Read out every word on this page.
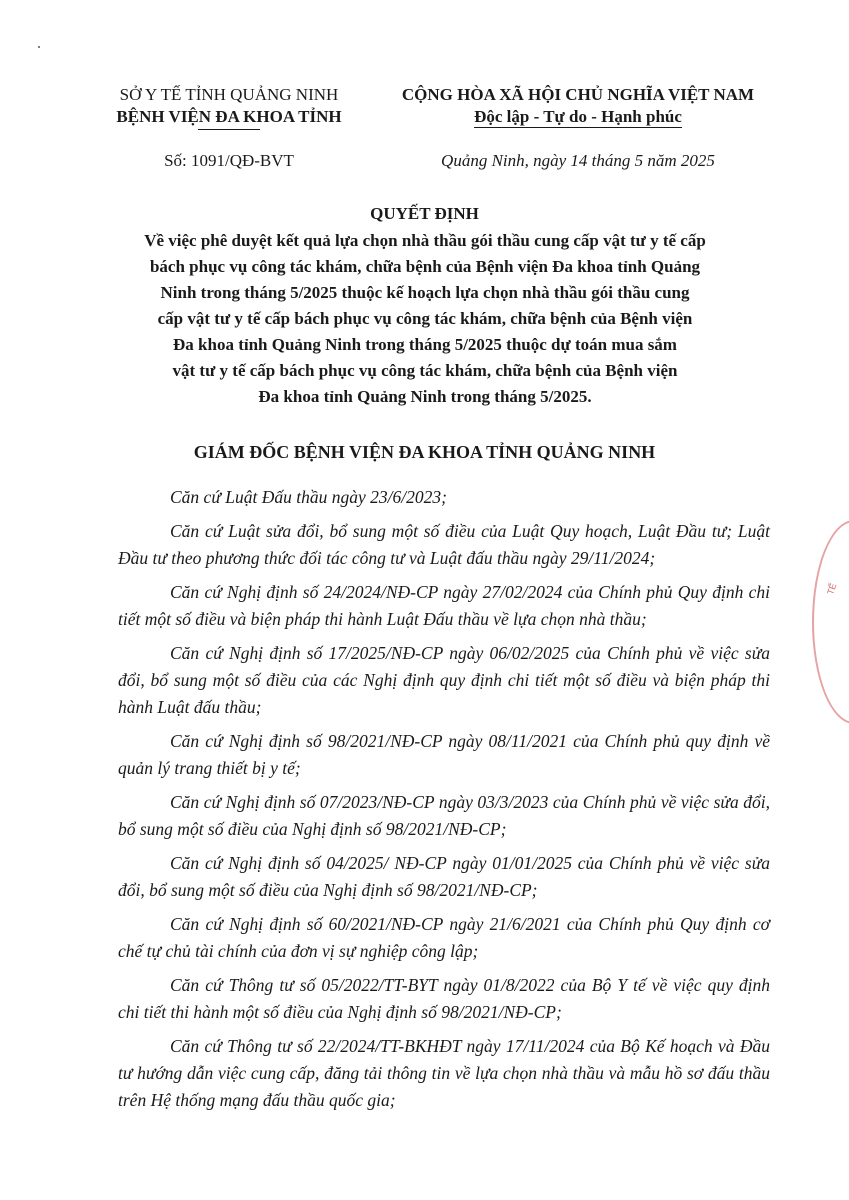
SỞ Y TẾ TỈNH QUẢNG NINH
BỆNH VIỆN ĐA KHOA TỈNH
CỘNG HÒA XÃ HỘI CHỦ NGHĨA VIỆT NAM
Độc lập - Tự do - Hạnh phúc
Số: 1091/QĐ-BVT	Quảng Ninh, ngày 14 tháng 5 năm 2025
QUYẾT ĐỊNH
Về việc phê duyệt kết quả lựa chọn nhà thầu gói thầu cung cấp vật tư y tế cấp
bách phục vụ công tác khám, chữa bệnh của Bệnh viện Đa khoa tỉnh Quảng
Ninh trong tháng 5/2025 thuộc kế hoạch lựa chọn nhà thầu gói thầu cung
cấp vật tư y tế cấp bách phục vụ công tác khám, chữa bệnh của Bệnh viện
Đa khoa tỉnh Quảng Ninh trong tháng 5/2025 thuộc dự toán mua sắm
vật tư y tế cấp bách phục vụ công tác khám, chữa bệnh của Bệnh viện
Đa khoa tỉnh Quảng Ninh trong tháng 5/2025.
GIÁM ĐỐC BỆNH VIỆN ĐA KHOA TỈNH QUẢNG NINH

Căn cứ Luật Đấu thầu ngày 23/6/2023;

Căn cứ Luật sửa đổi, bổ sung một số điều của Luật Quy hoạch, Luật Đầu tư; Luật Đầu tư theo phương thức đối tác công tư và Luật đấu thầu ngày 29/11/2024;

Căn cứ Nghị định số 24/2024/NĐ-CP ngày 27/02/2024 của Chính phủ Quy định chi tiết một số điều và biện pháp thi hành Luật Đấu thầu về lựa chọn nhà thầu;

Căn cứ Nghị định số 17/2025/NĐ-CP ngày 06/02/2025 của Chính phủ về việc sửa đổi, bổ sung một số điều của các Nghị định quy định chi tiết một số điều và biện pháp thi hành Luật đấu thầu;

Căn cứ Nghị định số 98/2021/NĐ-CP ngày 08/11/2021 của Chính phủ quy định về quản lý trang thiết bị y tế;

Căn cứ Nghị định số 07/2023/NĐ-CP ngày 03/3/2023 của Chính phủ về việc sửa đổi, bổ sung một số điều của Nghị định số 98/2021/NĐ-CP;

Căn cứ Nghị định số 04/2025/ NĐ-CP ngày 01/01/2025 của Chính phủ về việc sửa đổi, bổ sung một số điều của Nghị định số 98/2021/NĐ-CP;

Căn cứ Nghị định số 60/2021/NĐ-CP ngày 21/6/2021 của Chính phủ Quy định cơ chế tự chủ tài chính của đơn vị sự nghiệp công lập;

Căn cứ Thông tư số 05/2022/TT-BYT ngày 01/8/2022 của Bộ Y tế về việc quy định chi tiết thi hành một số điều của Nghị định số 98/2021/NĐ-CP;

Căn cứ Thông tư số 22/2024/TT-BKHĐT ngày 17/11/2024 của Bộ Kế hoạch và Đầu tư hướng dẫn việc cung cấp, đăng tải thông tin về lựa chọn nhà thầu và mẫu hồ sơ đấu thầu trên Hệ thống mạng đấu thầu quốc gia;

TẾ
